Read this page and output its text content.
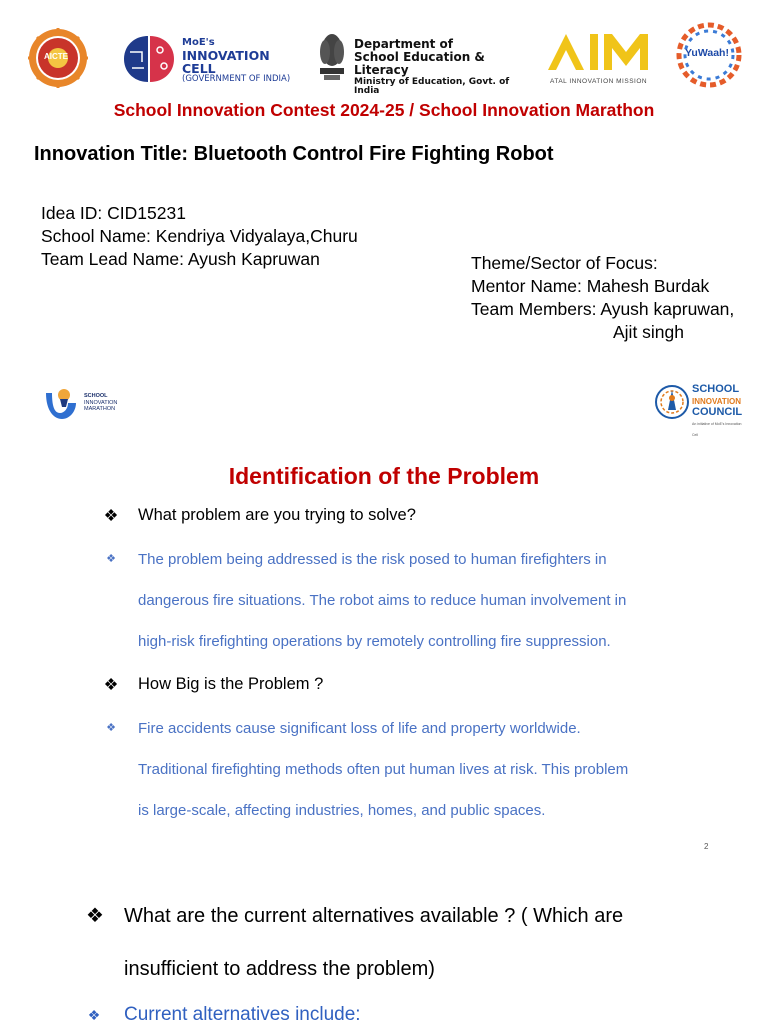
AICTE
MoE's
INNOVATION CELL
(GOVERNMENT OF INDIA)
Department of
School Education & Literacy
Ministry of Education, Govt. of India
ATAL INNOVATION MISSION
YuWaah!
School Innovation Contest 2024-25 / School Innovation Marathon
Innovation Title: Bluetooth Control Fire Fighting Robot
Idea ID: CID15231
School Name: Kendriya Vidyalaya,Churu
Team Lead Name: Ayush Kapruwan	Theme/Sector of Focus:
Mentor Name: Mahesh Burdak
Team Members: Ayush kapruwan,
Ajit singh
SCHOOL
INNOVATION
MARATHON
SCHOOL
INNOVATION
COUNCIL
An initiative of MoE's Innovation Cell
Identification of the Problem
❖ What problem are you trying to solve?
❖ The problem being addressed is the risk posed to human firefighters in
dangerous fire situations. The robot aims to reduce human involvement in
high-risk firefighting operations by remotely controlling fire suppression.
❖ How Big is the Problem ?
❖ Fire accidents cause significant loss of life and property worldwide.
Traditional firefighting methods often put human lives at risk. This problem
is large-scale, affecting industries, homes, and public spaces.
2
❖ What are the current alternatives available ? ( Which are
insufficient to address the problem)
❖ Current alternatives include:
